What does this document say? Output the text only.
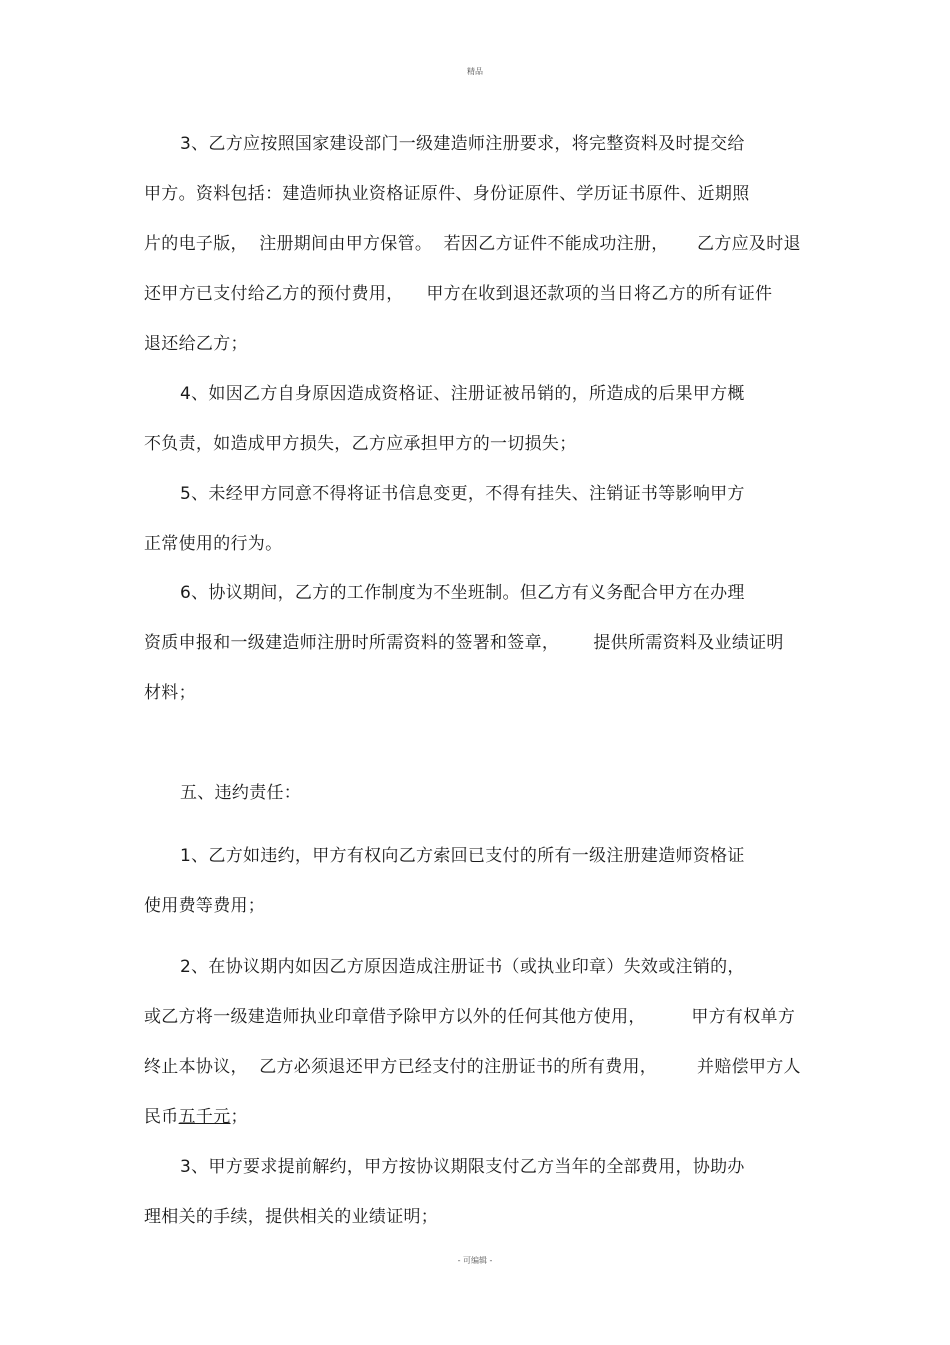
精品
3、乙方应按照国家建设部门一级建造师注册要求，将完整资料及时提交给
甲方。资料包括：建造师执业资格证原件、身份证原件、学历证书原件、近期照
片的电子版，  注册期间由甲方保管。  若因乙方证件不能成功注册，     乙方应及时退
还甲方已支付给乙方的预付费用，    甲方在收到退还款项的当日将乙方的所有证件
退还给乙方；
4、如因乙方自身原因造成资格证、注册证被吊销的，所造成的后果甲方概
不负责，如造成甲方损失，乙方应承担甲方的一切损失；
5、未经甲方同意不得将证书信息变更，不得有挂失、注销证书等影响甲方
正常使用的行为。
6、协议期间，乙方的工作制度为不坐班制。但乙方有义务配合甲方在办理
资质申报和一级建造师注册时所需资料的签署和签章，      提供所需资料及业绩证明
材料；
五、违约责任：
1、乙方如违约，甲方有权向乙方索回已支付的所有一级注册建造师资格证
使用费等费用；
2、在协议期内如因乙方原因造成注册证书（或执业印章）失效或注销的，
或乙方将一级建造师执业印章借予除甲方以外的任何其他方使用，        甲方有权单方
终止本协议，  乙方必须退还甲方已经支付的注册证书的所有费用，       并赔偿甲方人
民币五千元；
3、甲方要求提前解约，甲方按协议期限支付乙方当年的全部费用，协助办
理相关的手续，提供相关的业绩证明；
- 可编辑 -
